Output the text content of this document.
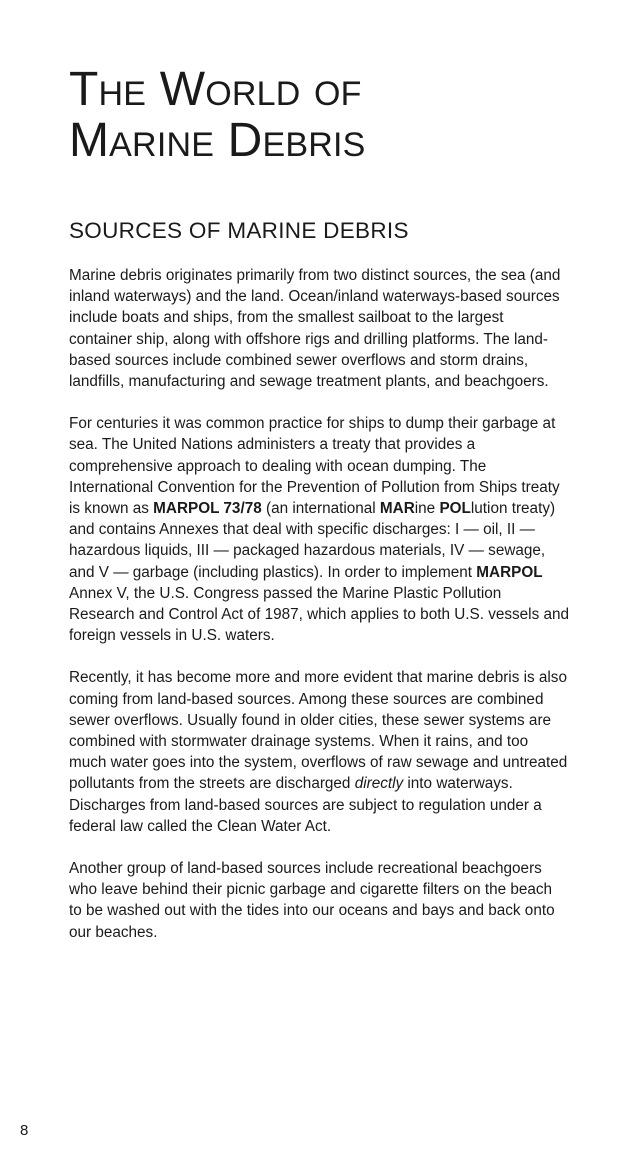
The World of
Marine Debris
SOURCES OF MARINE DEBRIS

Marine debris originates primarily from two distinct sources, the sea (and inland waterways) and the land. Ocean/inland waterways-based sources include boats and ships, from the smallest sailboat to the largest container ship, along with offshore rigs and drilling platforms. The land-based sources include combined sewer overflows and storm drains, landfills, manufacturing and sewage treatment plants, and beachgoers.

For centuries it was common practice for ships to dump their garbage at sea. The United Nations administers a treaty that provides a comprehensive approach to dealing with ocean dumping. The International Convention for the Prevention of Pollution from Ships treaty is known as MARPOL 73/78 (an international MARine POLlution treaty) and contains Annexes that deal with specific discharges: I — oil, II — hazardous liquids, III — packaged hazardous materials, IV — sewage, and V — garbage (including plastics). In order to implement MARPOL Annex V, the U.S. Congress passed the Marine Plastic Pollution Research and Control Act of 1987, which applies to both U.S. vessels and foreign vessels in U.S. waters.

Recently, it has become more and more evident that marine debris is also coming from land-based sources. Among these sources are combined sewer overflows. Usually found in older cities, these sewer systems are combined with stormwater drainage systems. When it rains, and too much water goes into the system, overflows of raw sewage and untreated pollutants from the streets are discharged directly into waterways. Discharges from land-based sources are subject to regulation under a federal law called the Clean Water Act.

Another group of land-based sources include recreational beachgoers who leave behind their picnic garbage and cigarette filters on the beach to be washed out with the tides into our oceans and bays and back onto our beaches.

8
